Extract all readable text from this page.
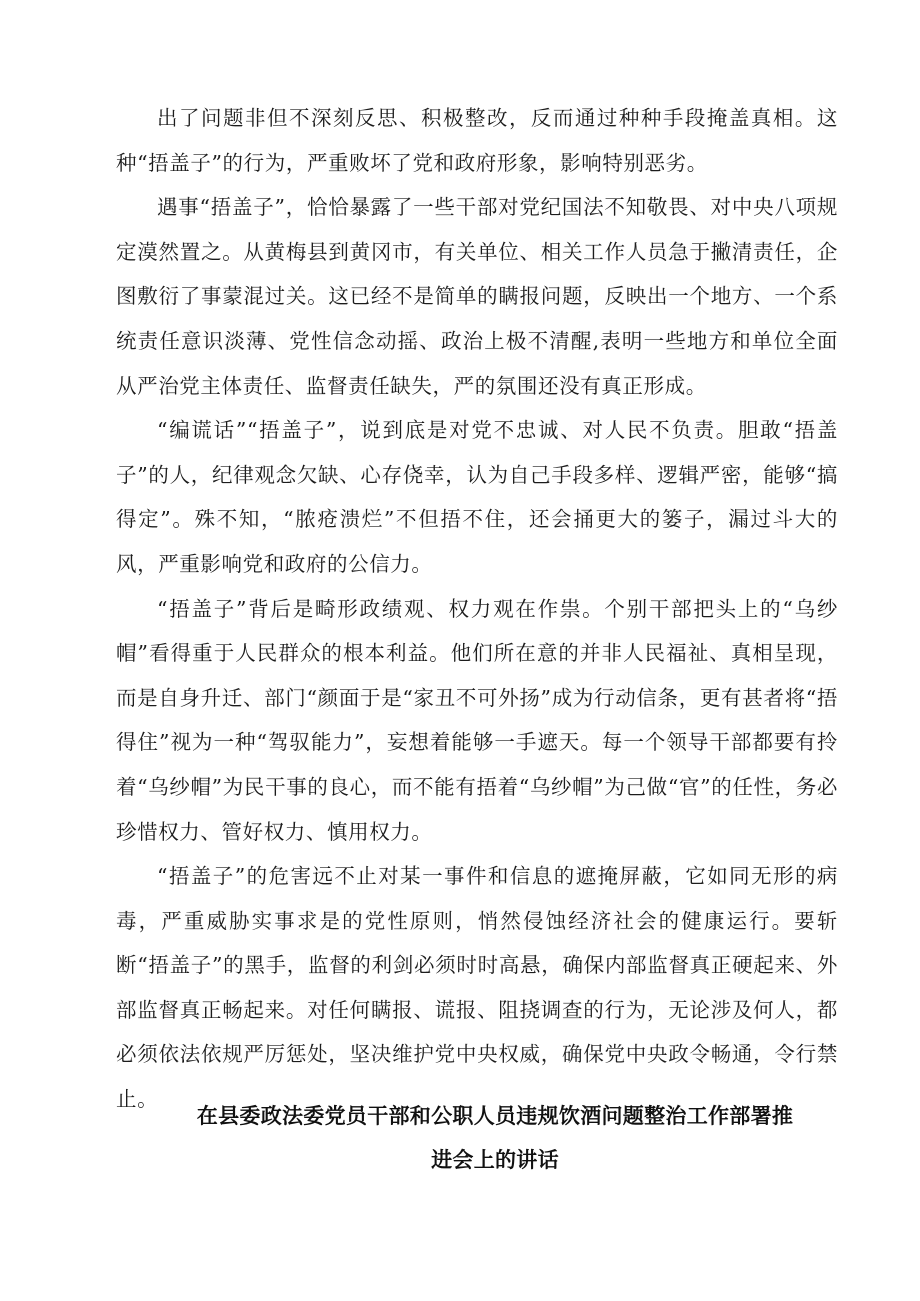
出了问题非但不深刻反思、积极整改，反而通过种种手段掩盖真相。这种“捂盖子”的行为，严重败坏了党和政府形象，影响特别恶劣。

遇事“捂盖子”，恰恰暴露了一些干部对党纪国法不知敬畏、对中央八项规定漠然置之。从黄梅县到黄冈市，有关单位、相关工作人员急于撇清责任，企图敷衍了事蒙混过关。这已经不是简单的瞒报问题，反映出一个地方、一个系统责任意识淡薄、党性信念动摇、政治上极不清醒,表明一些地方和单位全面从严治党主体责任、监督责任缺失，严的氛围还没有真正形成。

“编谎话”“捂盖子”，说到底是对党不忠诚、对人民不负责。胆敢“捂盖子”的人，纪律观念欠缺、心存侥幸，认为自己手段多样、逻辑严密，能够“搞得定”。殊不知，“脓疮溃烂”不但捂不住，还会捅更大的篓子，漏过斗大的风，严重影响党和政府的公信力。

“捂盖子”背后是畸形政绩观、权力观在作祟。个别干部把头上的“乌纱帽”看得重于人民群众的根本利益。他们所在意的并非人民福祉、真相呈现，而是自身升迁、部门“颜面于是“家丑不可外扬”成为行动信条，更有甚者将“捂得住”视为一种“驾驭能力”，妄想着能够一手遮天。每一个领导干部都要有拎着“乌纱帽”为民干事的良心，而不能有捂着“乌纱帽”为己做“官”的任性，务必珍惜权力、管好权力、慎用权力。

“捂盖子”的危害远不止对某一事件和信息的遮掩屏蔽，它如同无形的病毒，严重威胁实事求是的党性原则，悄然侵蚀经济社会的健康运行。要斩断“捂盖子”的黑手，监督的利剑必须时时高悬，确保内部监督真正硬起来、外部监督真正畅起来。对任何瞒报、谎报、阻挠调查的行为，无论涉及何人，都必须依法依规严厉惩处，坚决维护党中央权威，确保党中央政令畅通，令行禁止。

在县委政法委党员干部和公职人员违规饮酒问题整治工作部署推
进会上的讲话
